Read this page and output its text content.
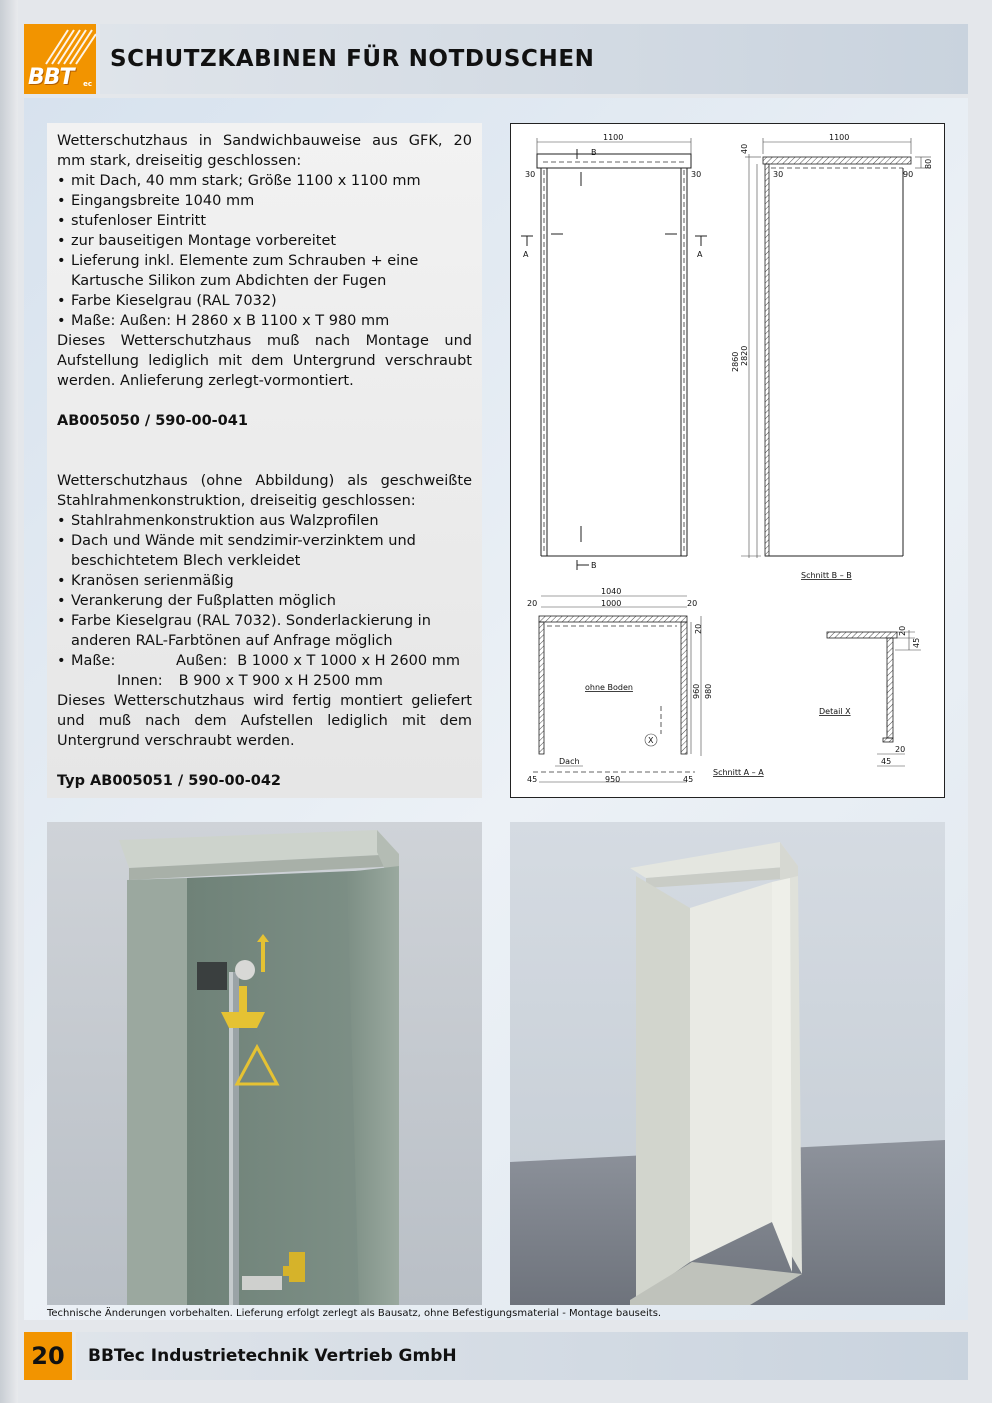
BBT ec
SCHUTZKABINEN FÜR NOTDUSCHEN

Wetterschutzhaus in Sandwichbauweise aus GFK, 20 mm stark, dreiseitig geschlossen:

• mit Dach, 40 mm stark; Größe 1100 x 1100 mm
• Eingangsbreite 1040 mm
• stufenloser Eintritt
• zur bauseitigen Montage vorbereitet
• Lieferung inkl. Elemente zum Schrauben + eine Kartusche Silikon zum Abdichten der Fugen
• Farbe Kieselgrau (RAL 7032)
• Maße: Außen: H 2860 x B 1100 x T 980 mm

Dieses Wetterschutzhaus muß nach Montage und Aufstellung lediglich mit dem Untergrund verschraubt werden. Anlieferung zerlegt-vormontiert.

AB005050 / 590-00-041

Wetterschutzhaus (ohne Abbildung) als geschweißte Stahlrahmenkonstruktion, dreiseitig geschlossen:

• Stahlrahmenkonstruktion aus Walzprofilen
• Dach und Wände mit sendzimir-verzinktem und beschichtetem Blech verkleidet
• Kranösen serienmäßig
• Verankerung der Fußplatten möglich
• Farbe Kieselgrau (RAL 7032). Sonderlackierung in anderen RAL-Farbtönen auf Anfrage möglich
• Maße:	Außen: B 1000 x T 1000 x H 2600 mm
Innen:	B 900 x T 900 x H 2500 mm

Dieses Wetterschutzhaus wird fertig montiert geliefert und muß nach dem Aufstellen lediglich mit dem Untergrund verschraubt werden.

Typ AB005051 / 590-00-042

1100
30	30
B
B
A	A
1100
30	90
40
80
2860 2820
Schnitt B – B
1040
1000
20	20
20
960 980
ohne Boden
X
Dach
45	950	45
Schnitt A – A
20
45
Detail X
20
45
Technische Änderungen vorbehalten. Lieferung erfolgt zerlegt als Bausatz, ohne Befestigungsmaterial - Montage bauseits.
20 BBTec Industrietechnik Vertrieb GmbH
